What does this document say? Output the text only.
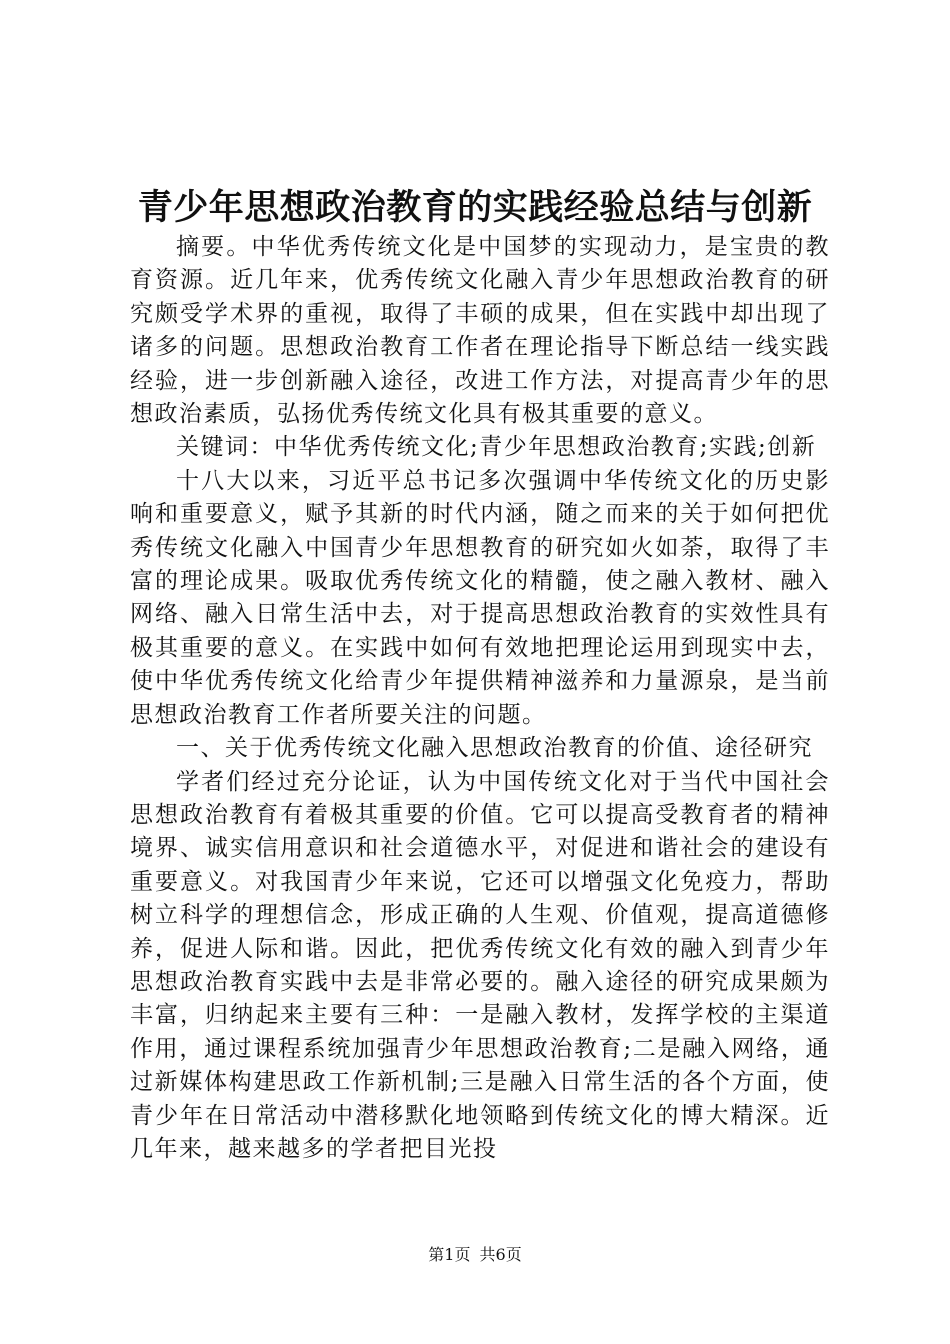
青少年思想政治教育的实践经验总结与创新

摘要。中华优秀传统文化是中国梦的实现动力，是宝贵的教育资源。近几年来，优秀传统文化融入青少年思想政治教育的研究颇受学术界的重视，取得了丰硕的成果，但在实践中却出现了诸多的问题。思想政治教育工作者在理论指导下断总结一线实践经验，进一步创新融入途径，改进工作方法，对提高青少年的思想政治素质，弘扬优秀传统文化具有极其重要的意义。

关键词：中华优秀传统文化;青少年思想政治教育;实践;创新

十八大以来，习近平总书记多次强调中华传统文化的历史影响和重要意义，赋予其新的时代内涵，随之而来的关于如何把优秀传统文化融入中国青少年思想教育的研究如火如荼，取得了丰富的理论成果。吸取优秀传统文化的精髓，使之融入教材、融入网络、融入日常生活中去，对于提高思想政治教育的实效性具有极其重要的意义。在实践中如何有效地把理论运用到现实中去，使中华优秀传统文化给青少年提供精神滋养和力量源泉，是当前思想政治教育工作者所要关注的问题。

一、关于优秀传统文化融入思想政治教育的价值、途径研究

学者们经过充分论证，认为中国传统文化对于当代中国社会思想政治教育有着极其重要的价值。它可以提高受教育者的精神境界、诚实信用意识和社会道德水平，对促进和谐社会的建设有重要意义。对我国青少年来说，它还可以增强文化免疫力，帮助树立科学的理想信念，形成正确的人生观、价值观，提高道德修养，促进人际和谐。因此，把优秀传统文化有效的融入到青少年思想政治教育实践中去是非常必要的。融入途径的研究成果颇为丰富，归纳起来主要有三种：一是融入教材，发挥学校的主渠道作用，通过课程系统加强青少年思想政治教育;二是融入网络，通过新媒体构建思政工作新机制;三是融入日常生活的各个方面，使青少年在日常活动中潜移默化地领略到传统文化的博大精深。近几年来，越来越多的学者把目光投

第1页 共6页
